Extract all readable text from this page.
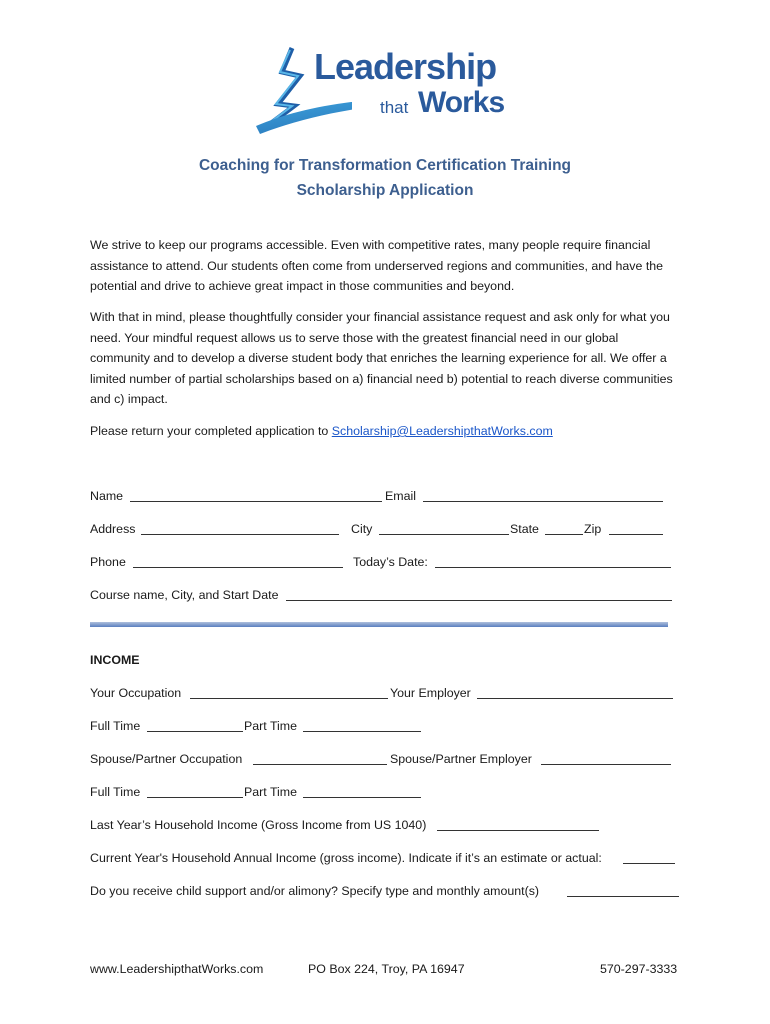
Leadership
that Works
Coaching for Transformation Certification Training
Scholarship Application

We strive to keep our programs accessible. Even with competitive rates, many people require financial assistance to attend. Our students often come from underserved regions and communities, and have the potential and drive to achieve great impact in those communities and beyond.

With that in mind, please thoughtfully consider your financial assistance request and ask only for what you need. Your mindful request allows us to serve those with the greatest financial need in our global community and to develop a diverse student body that enriches the learning experience for all. We offer a limited number of partial scholarships based on a) financial need b) potential to reach diverse communities and c) impact.

Please return your completed application to Scholarship@LeadershipthatWorks.com

Name	Email
Address	City	State	Zip
Phone	Today’s Date:
Course name, City, and Start Date
INCOME
Your Occupation	Your Employer
Full Time	Part Time
Spouse/Partner Occupation	Spouse/Partner Employer
Full Time	Part Time
Last Year’s Household Income (Gross Income from US 1040)
Current Year's Household Annual Income (gross income). Indicate if it’s an estimate or actual:
Do you receive child support and/or alimony? Specify type and monthly amount(s)
www.LeadershipthatWorks.com	PO Box 224, Troy, PA 16947	570-297-3333
